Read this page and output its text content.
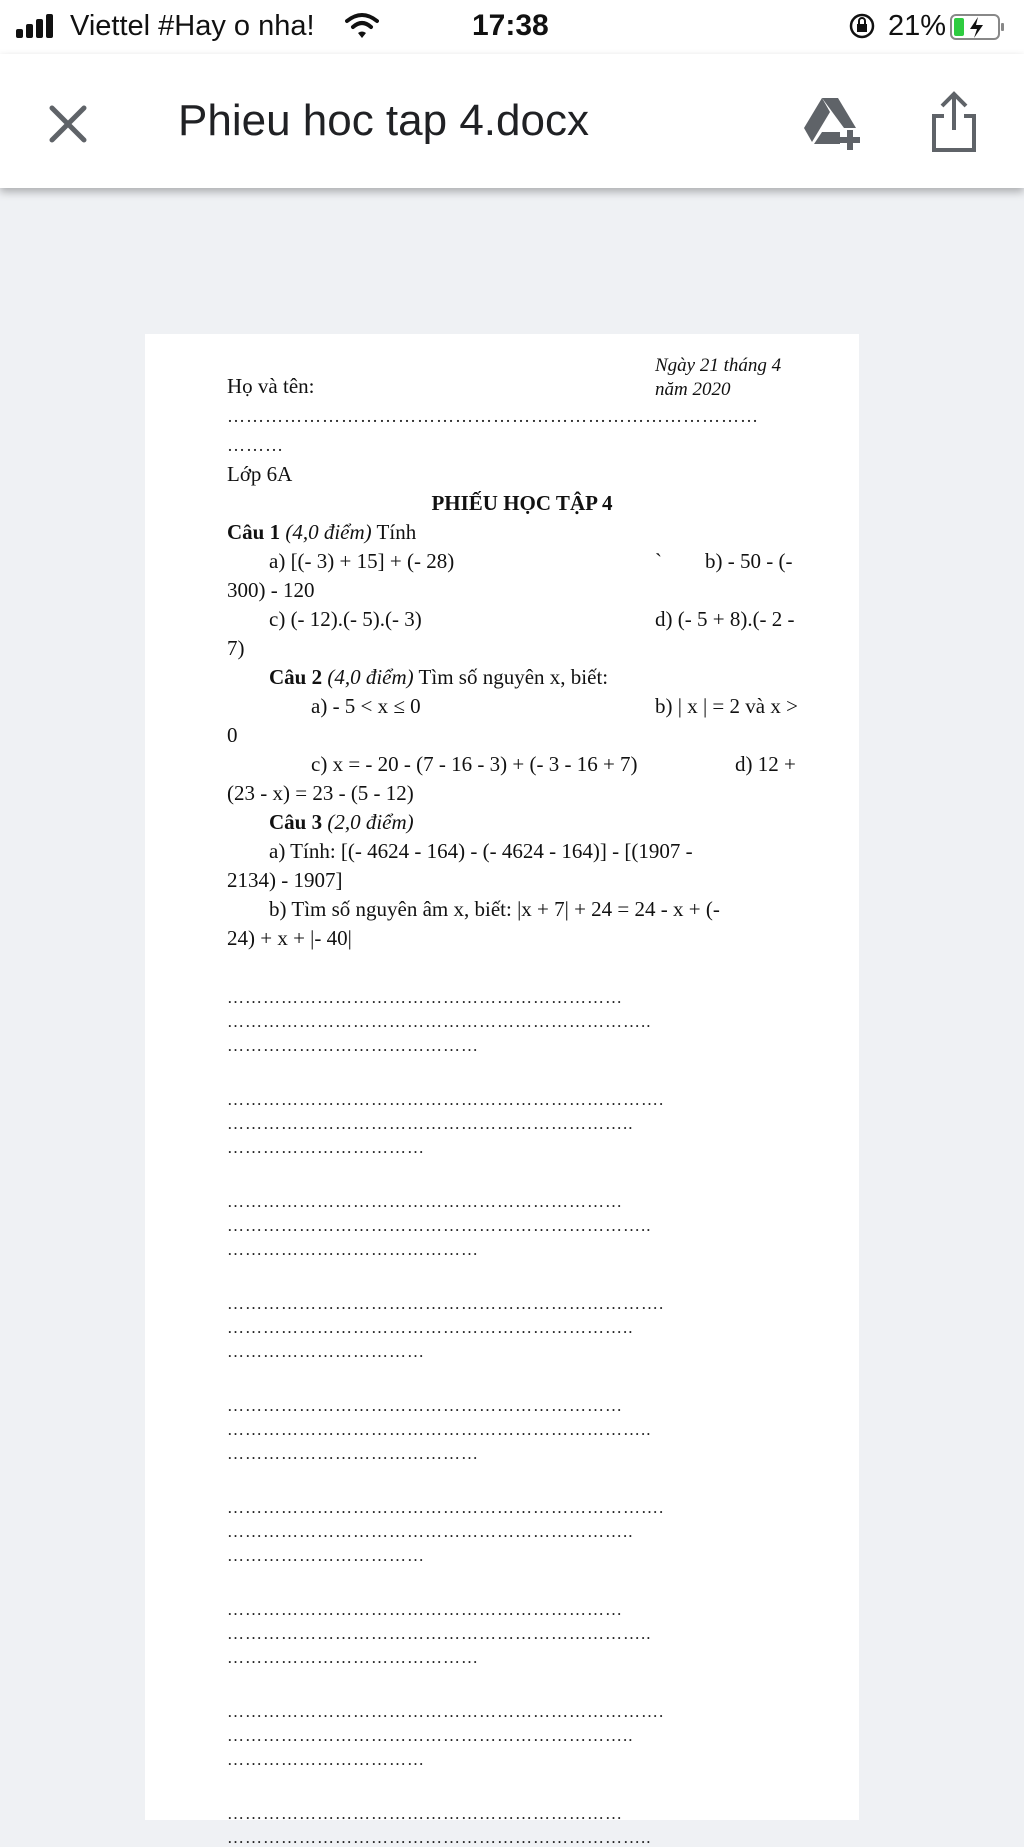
Viettel #Hay o nha!	17:38	21%
Phieu hoc tap 4.docx
Họ và tên:
Ngày 21 tháng 4
năm 2020
…………………………………………………………………………
………
Lớp 6A
PHIẾU HỌC TẬP 4
Câu 1 (4,0 điểm) Tính
a) [(- 3) + 15] + (- 28)	` b) - 50 - (-
300) - 120
c) (- 12).(- 5).(- 3)	d) (- 5 + 8).(- 2 -
7)
Câu 2 (4,0 điểm) Tìm số nguyên x, biết:
a) - 5 < x ≤ 0	b) | x | = 2 và x >
0
c) x = - 20 - (7 - 16 - 3) + (- 3 - 16 + 7)	d) 12 +
(23 - x) = 23 - (5 - 12)
Câu 3 (2,0 điểm)
a) Tính: [(- 4624 - 164) - (- 4624 - 164)] - [(1907 -
2134) - 1907]
b) Tìm số nguyên âm x, biết: |x + 7| + 24 = 24 - x + (-
24) + x + |- 40|
…………………………………………………………
……………………………………………………………..
……………………………………
……………………………………………………………….
…………………………………………………………..
……………………………
…………………………………………………………
……………………………………………………………..
……………………………………
……………………………………………………………….
…………………………………………………………..
……………………………
…………………………………………………………
……………………………………………………………..
……………………………………
……………………………………………………………….
…………………………………………………………..
……………………………
…………………………………………………………
……………………………………………………………..
……………………………………
……………………………………………………………….
…………………………………………………………..
……………………………
…………………………………………………………
……………………………………………………………..
